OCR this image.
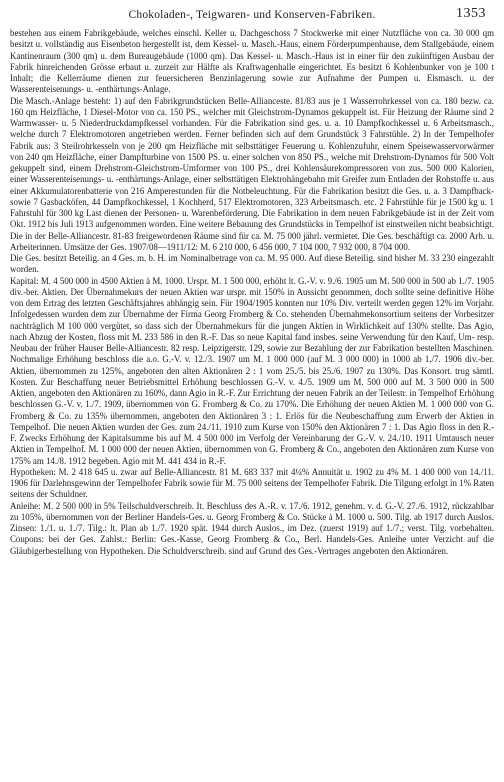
Chokoladen-, Teigwaren- und Konserven-Fabriken.	1353

bestehen aus einem Fabrikgebäude, welches einschl. Keller u. Dachgeschoss 7 Stockwerke mit einer Nutzfläche von ca. 30 000 qm besitzt u. vollständig aus Eisenbeton hergestellt ist, dem Kessel- u. Masch.-Haus, einem Förderpumpenhause, dem Stallgebäude, einem Kantinenraum (300 qm) u. dem Bureaugebäude (1000 qm). Das Kessel- u. Masch.-Haus ist in einer für den zukünftigen Ausbau der Fabrik hinreichenden Grösse erbaut u. zurzeit zur Hälfte als Kraftwagenhalle eingerichtet. Es besitzt 6 Kohlenbunker von je 100 t Inhalt; die Kellerräume dienen zur feuersicheren Benzinlagerung sowie zur Aufnahme der Pumpen u. Eismasch. u. der Wasserenteisenungs- u. -enthärtungs-Anlage.

Die Masch.-Anlage besteht: 1) auf den Fabrikgrundstücken Belle-Allianceste. 81/83 aus je 1 Wasserrohrkessel von ca. 180 bezw. ca. 160 qm Heizfläche, 1 Diesel-Motor von ca. 150 PS., welcher mit Gleichstrom-Dynamos gekuppelt ist. Für Heizung der Räume sind 2 Warmwasser- u. 5 Niederdruckdampfkessel vorhanden. Für die Fabrikation sind ges. u. a. 10 Dampfkochkessel u. 6 Arbeitsmasch., welche durch 7 Elektromotoren angetrieben werden. Ferner befinden sich auf dem Grundstück 3 Fahrstühle. 2) In der Tempelhofer Fabrik aus: 3 Steilrohrkesseln von je 200 qm Heizfläche mit selbsttätiger Feuerung u. Kohlenzufuhr, einem Speisewasservorwärmer von 240 qm Heizfläche, einer Dampfturbine von 1500 PS. u. einer solchen von 850 PS., welche mit Drehstrom-Dynamos für 500 Volt gekuppelt sind, einem Drehstrom-Gleichstrom-Umformer von 100 PS., drei Kohlensäurekompressoren von zus. 500 000 Kalorien, einer Wasserenteisenungs- u. -enthärtungs-Anlage, einer selbsttätigen Elektrohängebahn mit Greifer zum Entladen der Rohstoffe u. aus einer Akkumulatorenbatterie von 216 Amperestunden für die Notbeleuchtung. Für die Fabrikation besitzt die Ges. u. a. 3 Dampfback- sowie 7 Gasbacköfen, 44 Dampfkochkessel, 1 Kochherd, 517 Elektromotoren, 323 Arbeitsmasch. etc. 2 Fahrstühle für je 1500 kg u. 1 Fahrstuhl für 300 kg Last dienen der Personen- u. Warenbeförderung. Die Fabrikation in dem neuen Fabrikgebäude ist in der Zeit vom Okt. 1912 bis Juli 1913 aufgenommen worden. Eine weitere Bebauung des Grundstücks in Tempelhof ist einstweilen nicht beabsichtigt. Die in der Belle-Alliancestr. 81-83 freigewordenen Räume sind für ca. M. 75 000 jährl. vermietet. Die Ges. beschäftigt ca. 2000 Arb. u. Arbeiterinnen. Umsätze der Ges. 1907/08—1911/12: M. 6 210 000, 6 456 000, 7 104 000, 7 932 000, 8 704 000.

Die Ges. besitzt Beteilig. an 4 Ges. m. b. H. im Nominalbetrage von ca. M. 95 000. Auf diese Beteilig. sind bisher M. 33 230 eingezahlt worden.

Kapital: M. 4 500 000 in 4500 Aktien à M. 1000. Urspr. M. 1 500 000, erhöht lt. G.-V. v. 9./6. 1905 um M. 500 000 in 500 ab 1./7. 1905 div.-ber. Aktien. Der Übernahmekurs der neuen Aktien war urspr. mit 150% in Aussicht genommen, doch sollte seine definitive Höhe von dem Ertrag des letzten Geschäftsjahres abhängig sein. Für 1904/1905 konnten nur 10% Div. verteilt werden gegen 12% im Vorjahr. Infolgedessen wurden dem zur Übernahme der Firma Georg Fromberg & Co. stehenden Übernahmekonsortium seitens der Vorbesitzer nachträglich M 100 000 vergütet, so dass sich der Übernahmekurs für die jungen Aktien in Wirklichkeit auf 130% stellte. Das Agio, nach Abzug der Kosten, floss mit M. 233 586 in den R.-F. Das so neue Kapital fand insbes. seine Verwendung für den Kauf, Um- resp. Neubau der früher Hauser Belle-Alliancestr. 82 resp. Leipzigerstr. 129, sowie zur Bezahlung der zur Fabrikation bestellten Maschinen. Nochmalige Erhöhung beschloss die a.o. G.-V. v. 12./3. 1907 um M. 1 000 000 (auf M. 3 000 000) in 1000 ab 1./7. 1906 div.-ber. Aktien, übernommen zu 125%, angeboten den alten Aktionären 2 : 1 vom 25./5. bis 25./6. 1907 zu 130%. Das Konsort. trug sämtl. Kosten. Zur Beschaffung neuer Betriebsmittel Erhöhung beschlossen G.-V. v. 4./5. 1909 um M. 500 000 auf M. 3 500 000 in 500 Aktien, angeboten den Aktionären zu 160%, dann Agio in R.-F. Zur Errichtung der neuen Fabrik an der Teilestr. in Tempelhof Erhöhung beschlossen G.-V. v. 1./7. 1909, übernommen von G. Fromberg & Co. zu 170%. Die Erhöhung der neuen Aktien M. 1 000 000 von G. Fromberg & Co. zu 135% übernommen, angeboten den Aktionären 3 : 1. Erlös für die Neubeschaffung zum Erwerb der Aktien in Tempelhof. Die neuen Aktien wurden der Ges. zum 24./11. 1910 zum Kurse von 150% den Aktionären 7 : 1. Das Agio floss in den R.-F. Zwecks Erhöhung der Kapitalsumme bis auf M. 4 500 000 im Verfolg der Vereinbarung der G.-V. v. 24./10. 1911 Umtausch neuer Aktien in Tempelhof. M. 1 000 000 der neuen Aktien, übernommen von G. Fromberg & Co., angeboten den Aktionären zum Kurse von 175% am 14./8. 1912 begeben. Agio mit M. 441 434 in R.-F.

Hypotheken: M. 2 418 645 u. zwar auf Belle-Alliancestr. 81 M. 683 337 mit 4¼% Annuität u. 1902 zu 4% M. 1 400 000 von 14./11. 1906 für Darlehnsgewinn der Tempelhofer Fabrik sowie für M. 75 000 seitens der Tempelhofer Fabrik. Die Tilgung erfolgt in 1% Raten seitens der Schuldner.

Anleihe: M. 2 500 000 in 5% Teilschuldverschreib. It. Beschluss des A.-R. v. 17./6. 1912, genehm. v. d. G.-V. 27./6. 1912, rückzahlbar zu 105%, übernommen von der Berliner Handels-Ges. u. Georg Fromberg & Co. Stücke à M. 1000 u. 500. Tilg. ab 1917 durch Auslos. Zinsen: 1./1. u. 1./7. Tilg.: lt. Plan ab 1./7. 1920 spät. 1944 durch Auslos., im Dez. (zuerst 1919) auf 1./7.; verst. Tilg. vorbehalten. Coupons: bei der Ges. Zahlst.: Berlin: Ges.-Kasse, Georg Fromberg & Co., Berl. Handels-Ges. Anleihe unter Verzicht auf die Gläubigerbestellung von Hypotheken. Die Schuldverschreib. sind auf Grund des Ges.-Vertrages angeboten den Aktionären.
